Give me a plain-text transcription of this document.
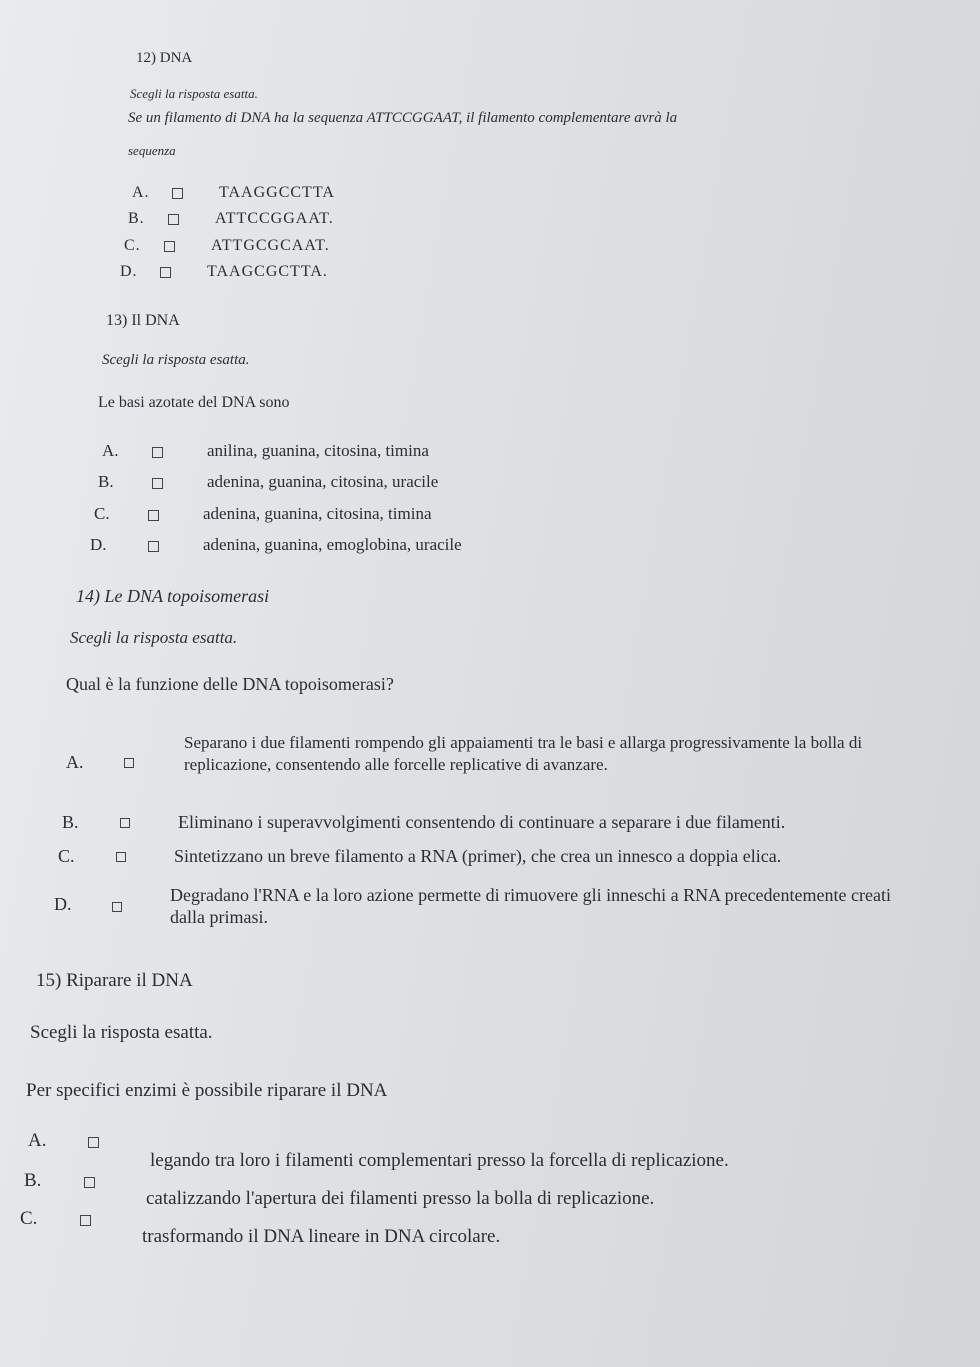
12) DNA
Scegli la risposta esatta.
Se un filamento di DNA ha la sequenza ATTCCGGAAT, il filamento complementare avrà la
sequenza
A.	TAAGGCCTTA
B.	ATTCCGGAAT.
C.	ATTGCGCAAT.
D.	TAAGCGCTTA.
13) Il DNA
Scegli la risposta esatta.
Le basi azotate del DNA sono
A.	anilina, guanina, citosina, timina
B.	adenina, guanina, citosina, uracile
C.	adenina, guanina, citosina, timina
D.	adenina, guanina, emoglobina, uracile
14) Le DNA topoisomerasi
Scegli la risposta esatta.
Qual è la funzione delle DNA topoisomerasi?
A.
Separano i due filamenti rompendo gli appaiamenti tra le basi e allarga progressivamente la bolla di replicazione, consentendo alle forcelle replicative di avanzare.
B.	Eliminano i superavvolgimenti consentendo di continuare a separare i due filamenti.
C.	Sintetizzano un breve filamento a RNA (primer), che crea un innesco a doppia elica.
D.	Degradano l'RNA e la loro azione permette di rimuovere gli inneschi a RNA precedentemente creati dalla primasi.
15) Riparare il DNA
Scegli la risposta esatta.
Per specifici enzimi è possibile riparare il DNA
A.
legando tra loro i filamenti complementari presso la forcella di replicazione.
B.
catalizzando l'apertura dei filamenti presso la bolla di replicazione.
C.
trasformando il DNA lineare in DNA circolare.
